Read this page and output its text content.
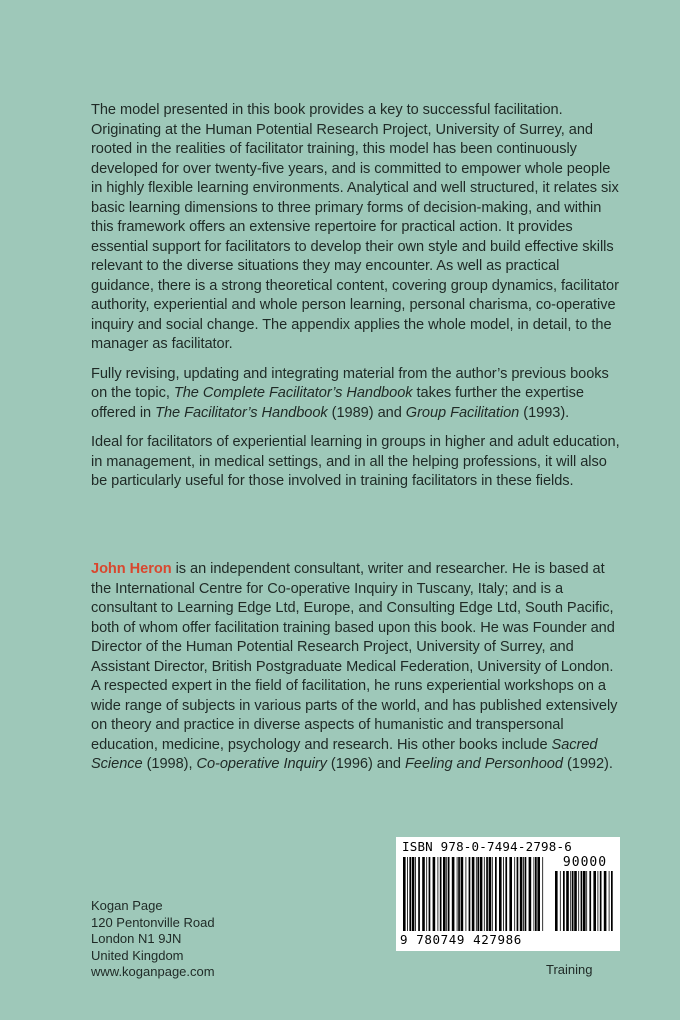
The model presented in this book provides a key to successful facilitation. Originating at the Human Potential Research Project, University of Surrey, and rooted in the realities of facilitator training, this model has been continuously developed for over twenty-five years, and is committed to empower whole people in highly flexible learning environments. Analytical and well structured, it relates six basic learning dimensions to three primary forms of decision-making, and within this framework offers an extensive repertoire for practical action. It provides essential support for facilitators to develop their own style and build effective skills relevant to the diverse situations they may encounter. As well as practical guidance, there is a strong theoretical content, covering group dynamics, facilitator authority, experiential and whole person learning, personal charisma, co-operative inquiry and social change. The appendix applies the whole model, in detail, to the manager as facilitator.

Fully revising, updating and integrating material from the author’s previous books on the topic, The Complete Facilitator’s Handbook takes further the expertise offered in The Facilitator’s Handbook (1989) and Group Facilitation (1993).

Ideal for facilitators of experiential learning in groups in higher and adult education, in management, in medical settings, and in all the helping professions, it will also be particularly useful for those involved in training facilitators in these fields.

John Heron is an independent consultant, writer and researcher. He is based at the International Centre for Co-operative Inquiry in Tuscany, Italy; and is a consultant to Learning Edge Ltd, Europe, and Consulting Edge Ltd, South Pacific, both of whom offer facilitation training based upon this book. He was Founder and Director of the Human Potential Research Project, University of Surrey, and Assistant Director, British Postgraduate Medical Federation, University of London. A respected expert in the field of facilitation, he runs experiential workshops on a wide range of subjects in various parts of the world, and has published extensively on theory and practice in diverse aspects of humanistic and transpersonal education, medicine, psychology and research. His other books include Sacred Science (1998), Co-operative Inquiry (1996) and Feeling and Personhood (1992).

ISBN 978-0-7494-2798-6
90000
9 780749 427986
Kogan Page
120 Pentonville Road
London N1 9JN
United Kingdom
www.koganpage.com	Training
